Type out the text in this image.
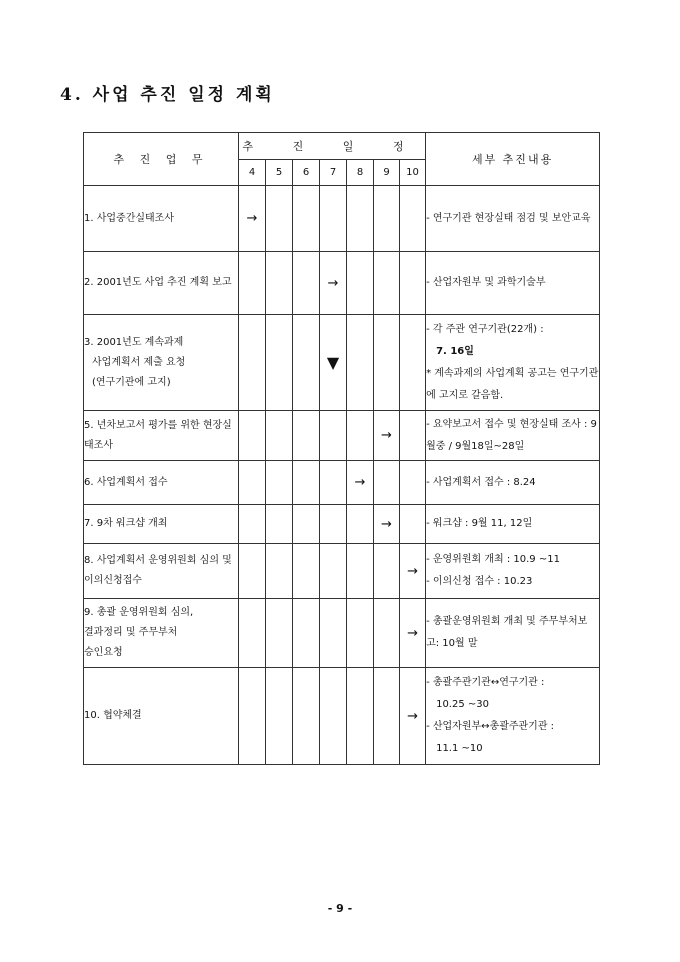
4. 사업 추진 일정 계획
추 진 업 무	추 진 일 정							세부 추진내용
	4	5	6	7	8	9	10	
1. 사업중간실태조사	→							- 연구기관 현장실태 점검 및 보안교육
2. 2001년도 사업 추진 계획 보고				→				- 산업자원부 및 과학기술부

3. 2001년도 계속과제
사업계획서 제출 요청
(연구기관에 고지)				▼				- 각 주관 연구기관(22개) :
7. 16일
* 계속과제의 사업계획 공고는 연구기관에 고지로 갈음함.

5. 년차보고서 평가를 위한 현장실태조사						→		- 요약보고서 접수 및 현장실태 조사 : 9월중 / 9월18일~28일
6. 사업계획서 접수					→			- 사업계획서 접수 : 8.24
7. 9차 워크샵 개최						→		- 워크샵 : 9월 11, 12일
8. 사업계획서 운영위원회 심의 및 이의신청접수							→	- 운영위원회 개최 : 10.9 ~11
- 이의신청 접수 : 10.23

9. 총괄 운영위원회 심의,
결과정리 및 주무부처
승인요청							→	- 총괄운영위원회 개최 및 주무부처보고: 10월 말
10. 협약체결							→	- 총괄주관기관↔연구기관 :
10.25 ~30
- 산업자원부↔총괄주관기관 :
11.1 ~10
- 9 -
